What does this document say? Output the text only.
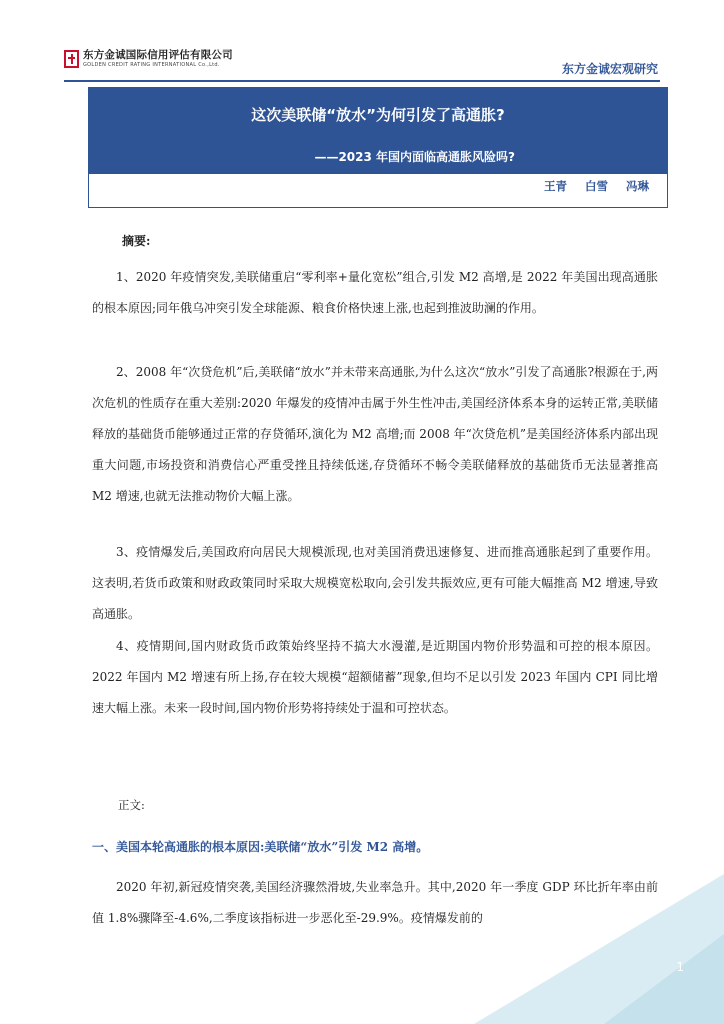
东方金诚国际信用评估有限公司
GOLDEN CREDIT RATING INTERNATIONAL Co.,Ltd.	东方金诚宏观研究
这次美联储“放水”为何引发了高通胀?
——2023 年国内面临高通胀风险吗?
王青 白雪 冯琳
摘要:
1、2020 年疫情突发,美联储重启“零利率+量化宽松”组合,引发 M2 高增,是 2022 年美国出现高通胀的根本原因;同年俄乌冲突引发全球能源、粮食价格快速上涨,也起到推波助澜的作用。
2、2008 年“次贷危机”后,美联储“放水”并未带来高通胀,为什么这次“放水”引发了高通胀?根源在于,两次危机的性质存在重大差别:2020 年爆发的疫情冲击属于外生性冲击,美国经济体系本身的运转正常,美联储释放的基础货币能够通过正常的存贷循环,演化为 M2 高增;而 2008 年“次贷危机”是美国经济体系内部出现重大问题,市场投资和消费信心严重受挫且持续低迷,存贷循环不畅令美联储释放的基础货币无法显著推高 M2 增速,也就无法推动物价大幅上涨。
3、疫情爆发后,美国政府向居民大规模派现,也对美国消费迅速修复、进而推高通胀起到了重要作用。这表明,若货币政策和财政政策同时采取大规模宽松取向,会引发共振效应,更有可能大幅推高 M2 增速,导致高通胀。
4、疫情期间,国内财政货币政策始终坚持不搞大水漫灌,是近期国内物价形势温和可控的根本原因。2022 年国内 M2 增速有所上扬,存在较大规模“超额储蓄”现象,但均不足以引发 2023 年国内 CPI 同比增速大幅上涨。未来一段时间,国内物价形势将持续处于温和可控状态。
正文:
一、美国本轮高通胀的根本原因:美联储“放水”引发 M2 高增。
2020 年初,新冠疫情突袭,美国经济骤然滑坡,失业率急升。其中,2020 年一季度 GDP 环比折年率由前值 1.8%骤降至-4.6%,二季度该指标进一步恶化至-29.9%。疫情爆发前的
1
